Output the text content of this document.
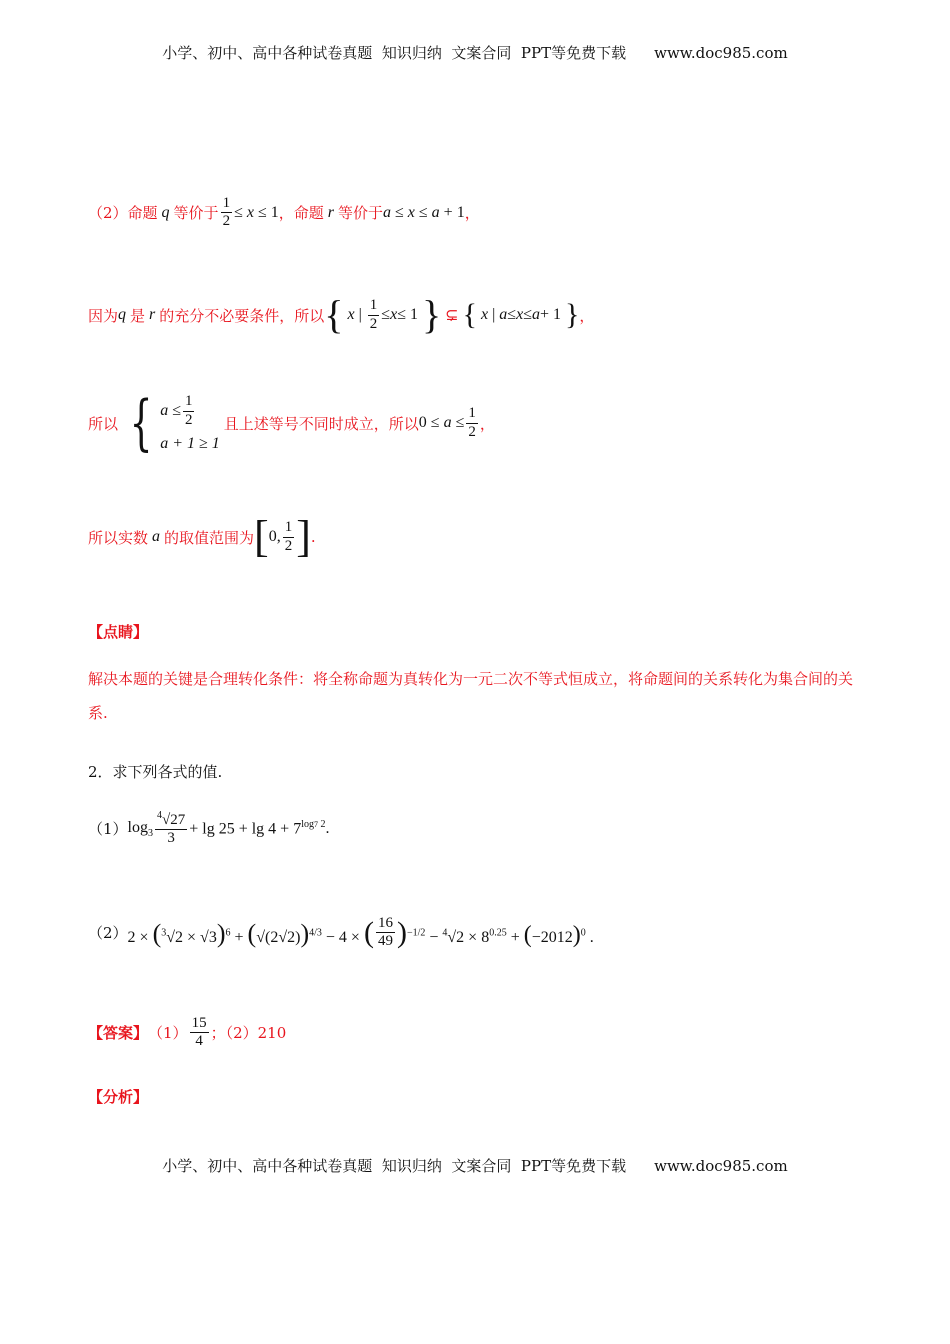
小学、初中、高中各种试卷真题  知识归纳  文案合同  PPT等免费下载 www.doc985.com
（2）命题 q 等价于 $\frac{1}{2} \le x \le 1$ ，命题 r 等价于 a ≤ x ≤ a + 1 ，
因为 q 是 r 的充分不必要条件，所以 {
x | $\frac{1}{2} \le x \le 1$ } ⊊ {
x | a ≤ x ≤ a + 1 } ，
所以 { $a \le \frac{1}{2}$
a + 1 ≥ 1
且上述等号不同时成立，所以 $0 \le a \le \frac{1}{2}$ ，
所以实数 a 的取值范围为 [ 0, $\frac{1}{2}$ ] .
【点睛】
解决本题的关键是合理转化条件：将全称命题为真转化为一元二次不等式恒成立，将命题间的关系转化为集合间的关系.
2．求下列各式的值.
（1） $\log_3 \frac{^4√27}{3} + \lg 25 + \lg 4 + 7^{log7 2}$ .
（2） $2 \times (^3√2 \times √3)^6 + (√(2√2))^{4/3} - 4$ × ( $\frac{16}{49} )^{-1/2} - ^4√2 \times 8^{0.25} + (-2012)^0$ .
【答案】 $(1) \frac{15}{4}$ ；（2）210
【分析】
小学、初中、高中各种试卷真题  知识归纳  文案合同  PPT等免费下载 www.doc985.com
